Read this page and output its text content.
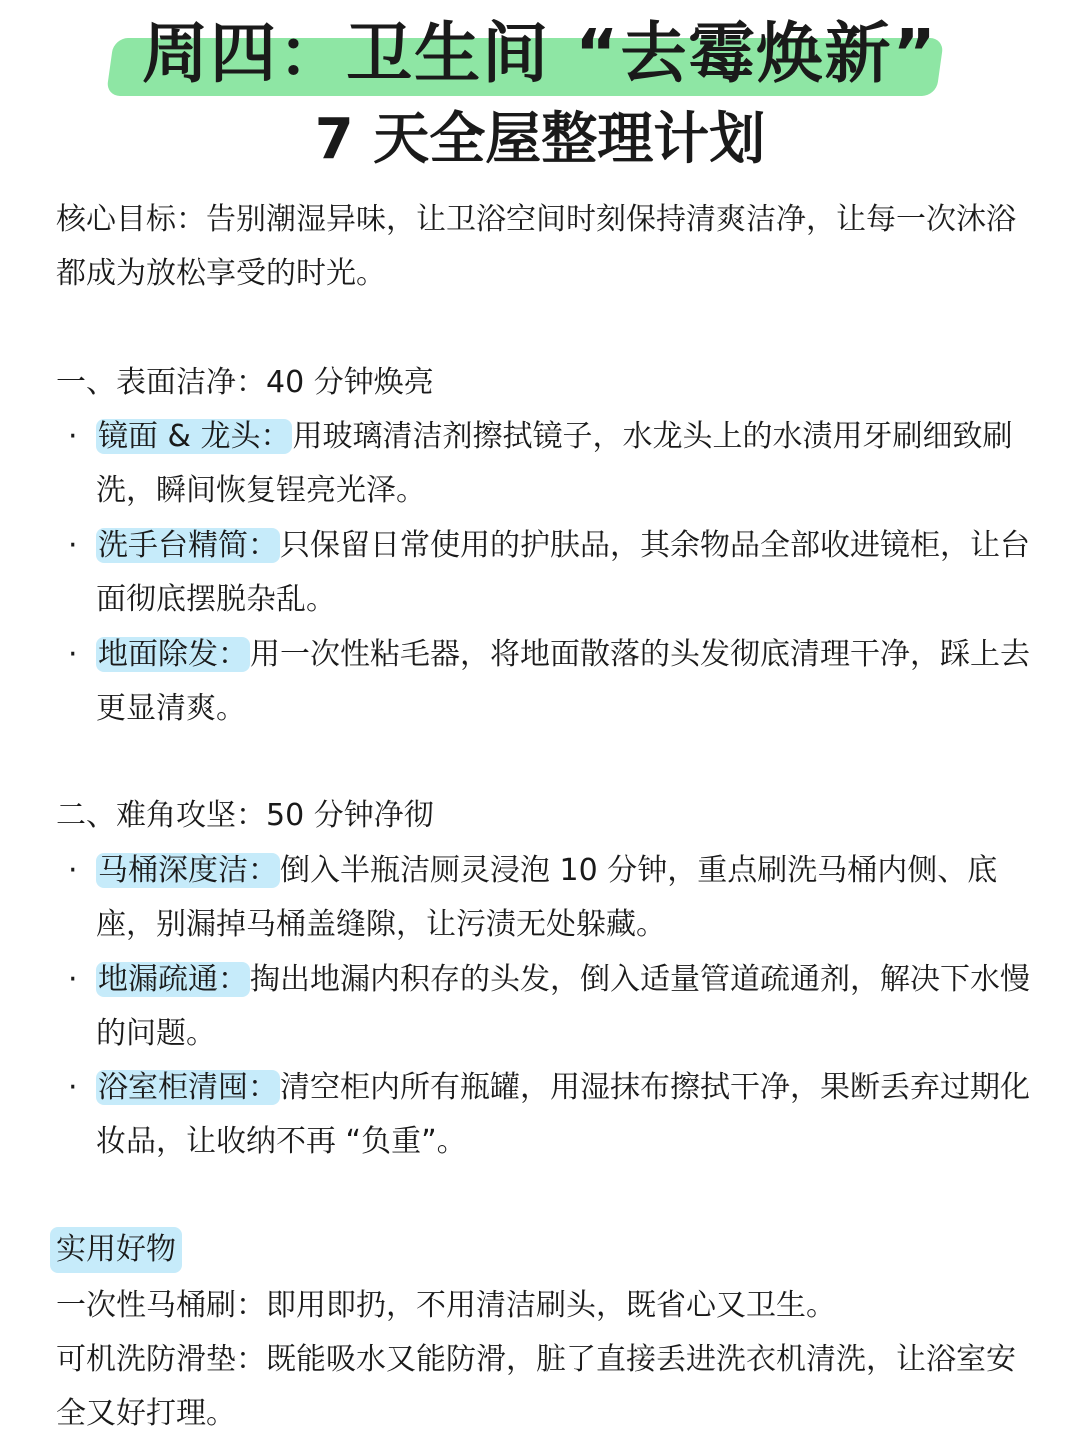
周四：卫生间 “去霉焕新”
7 天全屋整理计划
核心目标：告别潮湿异味，让卫浴空间时刻保持清爽洁净，让每一次沐浴都成为放松享受的时光。
一、表面洁净：40 分钟焕亮
· 镜面 & 龙头：用玻璃清洁剂擦拭镜子，水龙头上的水渍用牙刷细致刷洗，瞬间恢复锃亮光泽。
· 洗手台精简：只保留日常使用的护肤品，其余物品全部收进镜柜，让台面彻底摆脱杂乱。
· 地面除发：用一次性粘毛器，将地面散落的头发彻底清理干净，踩上去更显清爽。
二、难角攻坚：50 分钟净彻
· 马桶深度洁：倒入半瓶洁厕灵浸泡 10 分钟，重点刷洗马桶内侧、底座，别漏掉马桶盖缝隙，让污渍无处躲藏。
· 地漏疏通：掏出地漏内积存的头发，倒入适量管道疏通剂，解决下水慢的问题。
· 浴室柜清囤：清空柜内所有瓶罐，用湿抹布擦拭干净，果断丢弃过期化妆品，让收纳不再 “负重”。
实用好物
一次性马桶刷：即用即扔，不用清洁刷头，既省心又卫生。
可机洗防滑垫：既能吸水又能防滑，脏了直接丢进洗衣机清洗，让浴室安全又好打理。
